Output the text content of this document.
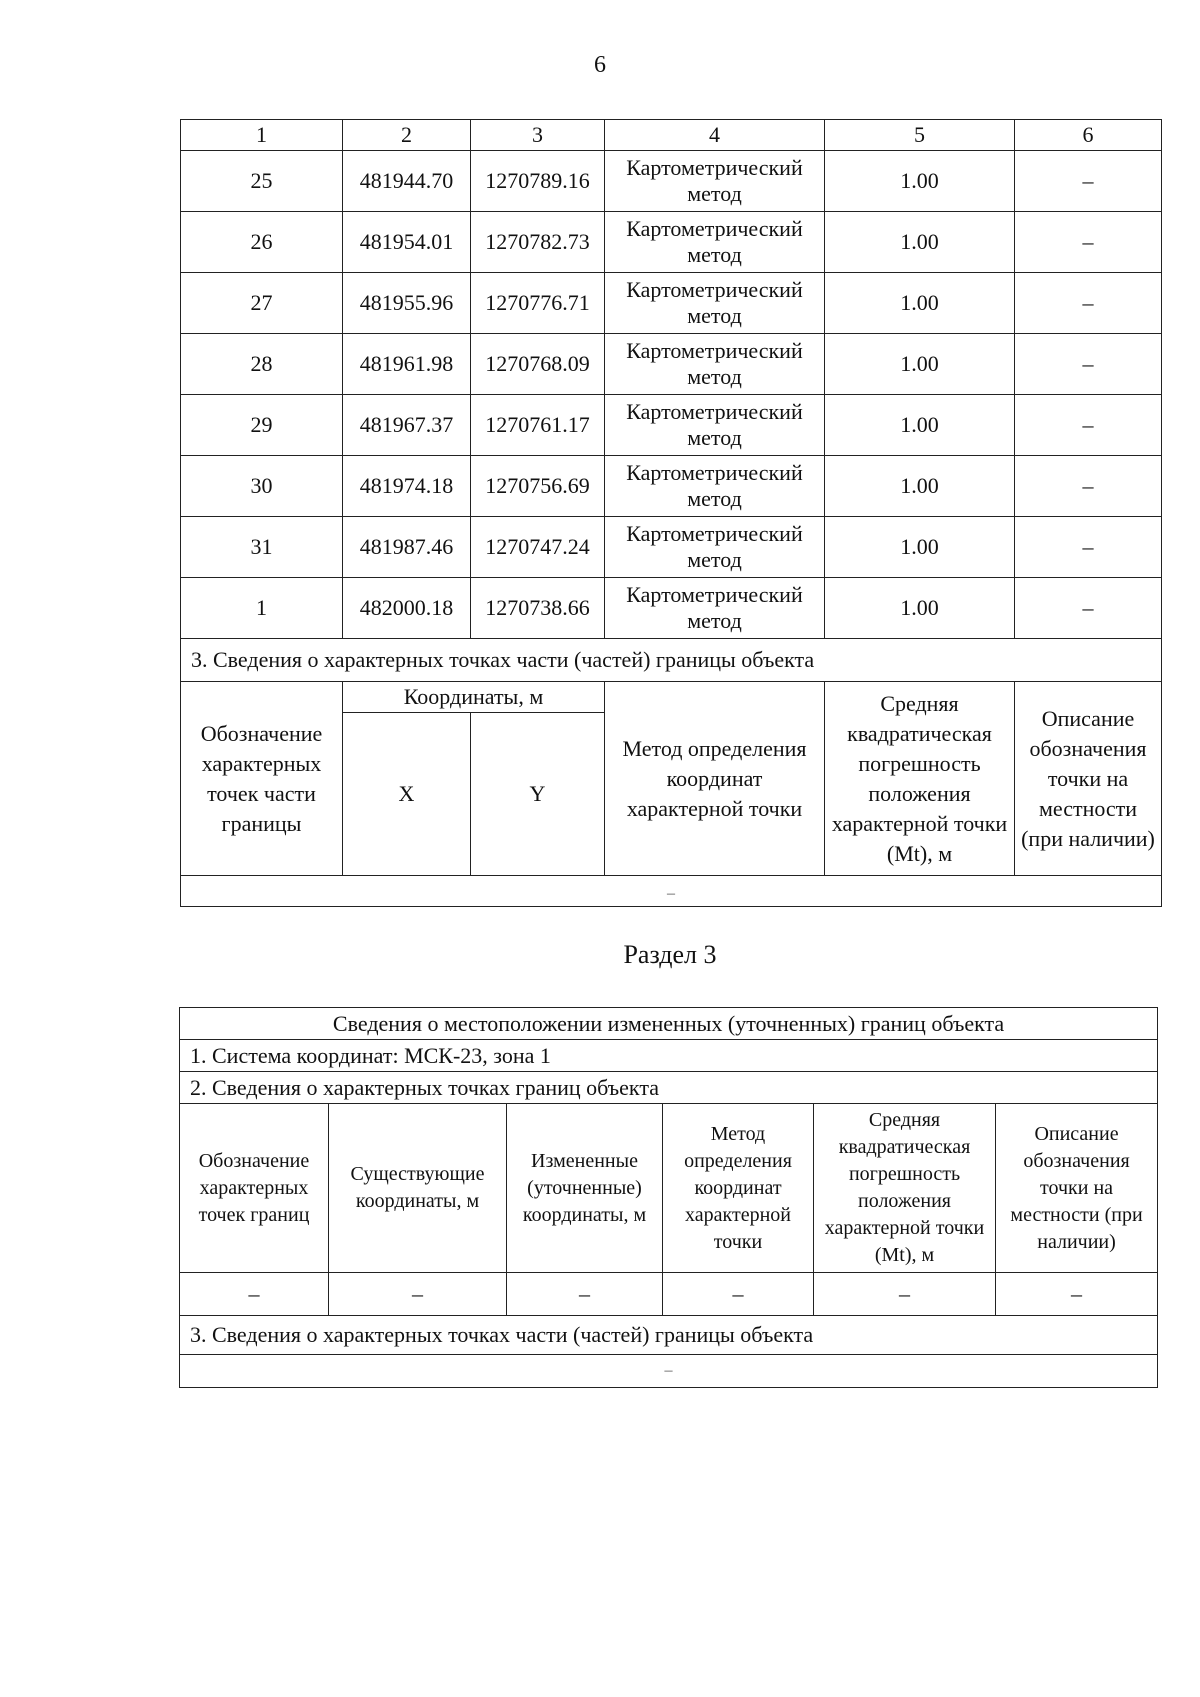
6
1	2	3	4	5	6
25	481944.70	1270789.16	Картометрический метод	1.00	–
26	481954.01	1270782.73	Картометрический метод	1.00	–
27	481955.96	1270776.71	Картометрический метод	1.00	–
28	481961.98	1270768.09	Картометрический метод	1.00	–
29	481967.37	1270761.17	Картометрический метод	1.00	–
30	481974.18	1270756.69	Картометрический метод	1.00	–
31	481987.46	1270747.24	Картометрический метод	1.00	–
1	482000.18	1270738.66	Картометрический метод	1.00	–
3. Сведения о характерных точках части (частей) границы объекта					
Обозначение характерных точек части границы	Координаты, м		Метод определения координат характерной точки	Средняя квадратическая погрешность положения характерной точки (Mt), м	Описание обозначения точки на местности (при наличии)
	X	Y			
–					
Раздел 3
Сведения о местоположении измененных (уточненных) границ объекта					
1. Система координат: МСК-23, зона 1					
2. Сведения о характерных точках границ объекта					
Обозначение характерных точек границ	Существующие координаты, м	Измененные (уточненные) координаты, м	Метод определения координат характерной точки	Средняя квадратическая погрешность положения характерной точки (Mt), м	Описание обозначения точки на местности (при наличии)
–	–	–	–	–	–
3. Сведения о характерных точках части (частей) границы объекта					
–					
